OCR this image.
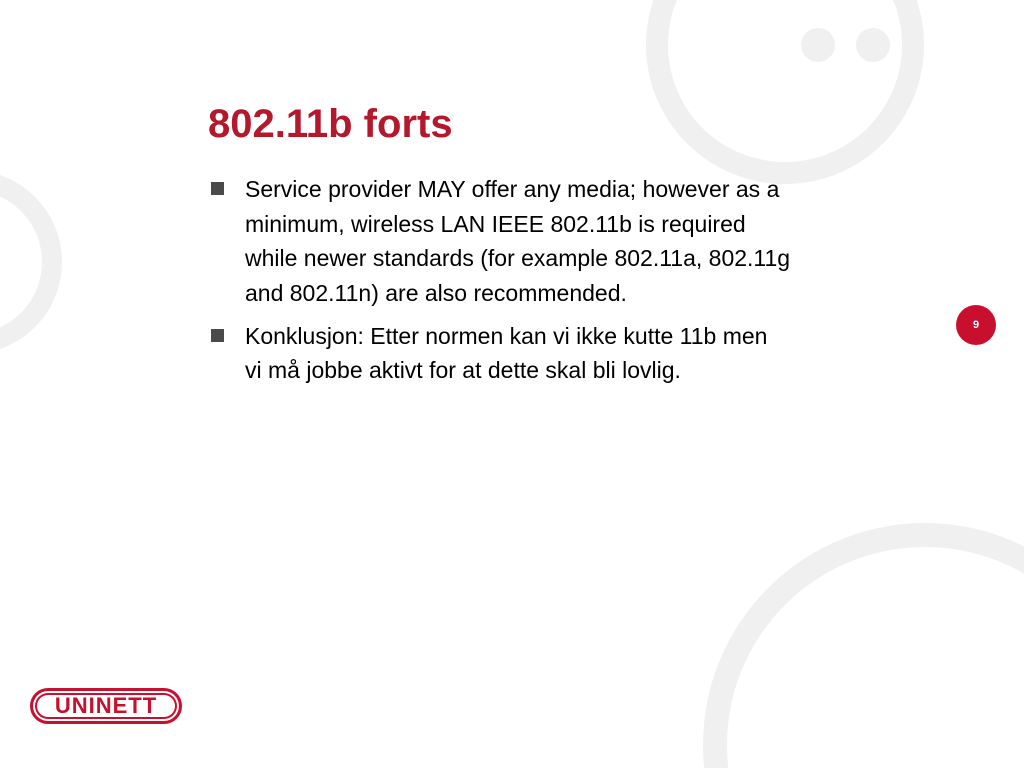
802.11b forts
Service provider MAY offer any media; however as a
minimum, wireless LAN IEEE 802.11b is required
while newer standards (for example 802.11a, 802.11g
and 802.11n) are also recommended.
Konklusjon: Etter normen kan vi ikke kutte 11b men
vi må jobbe aktivt for at dette skal bli lovlig.
9
UNINETT
